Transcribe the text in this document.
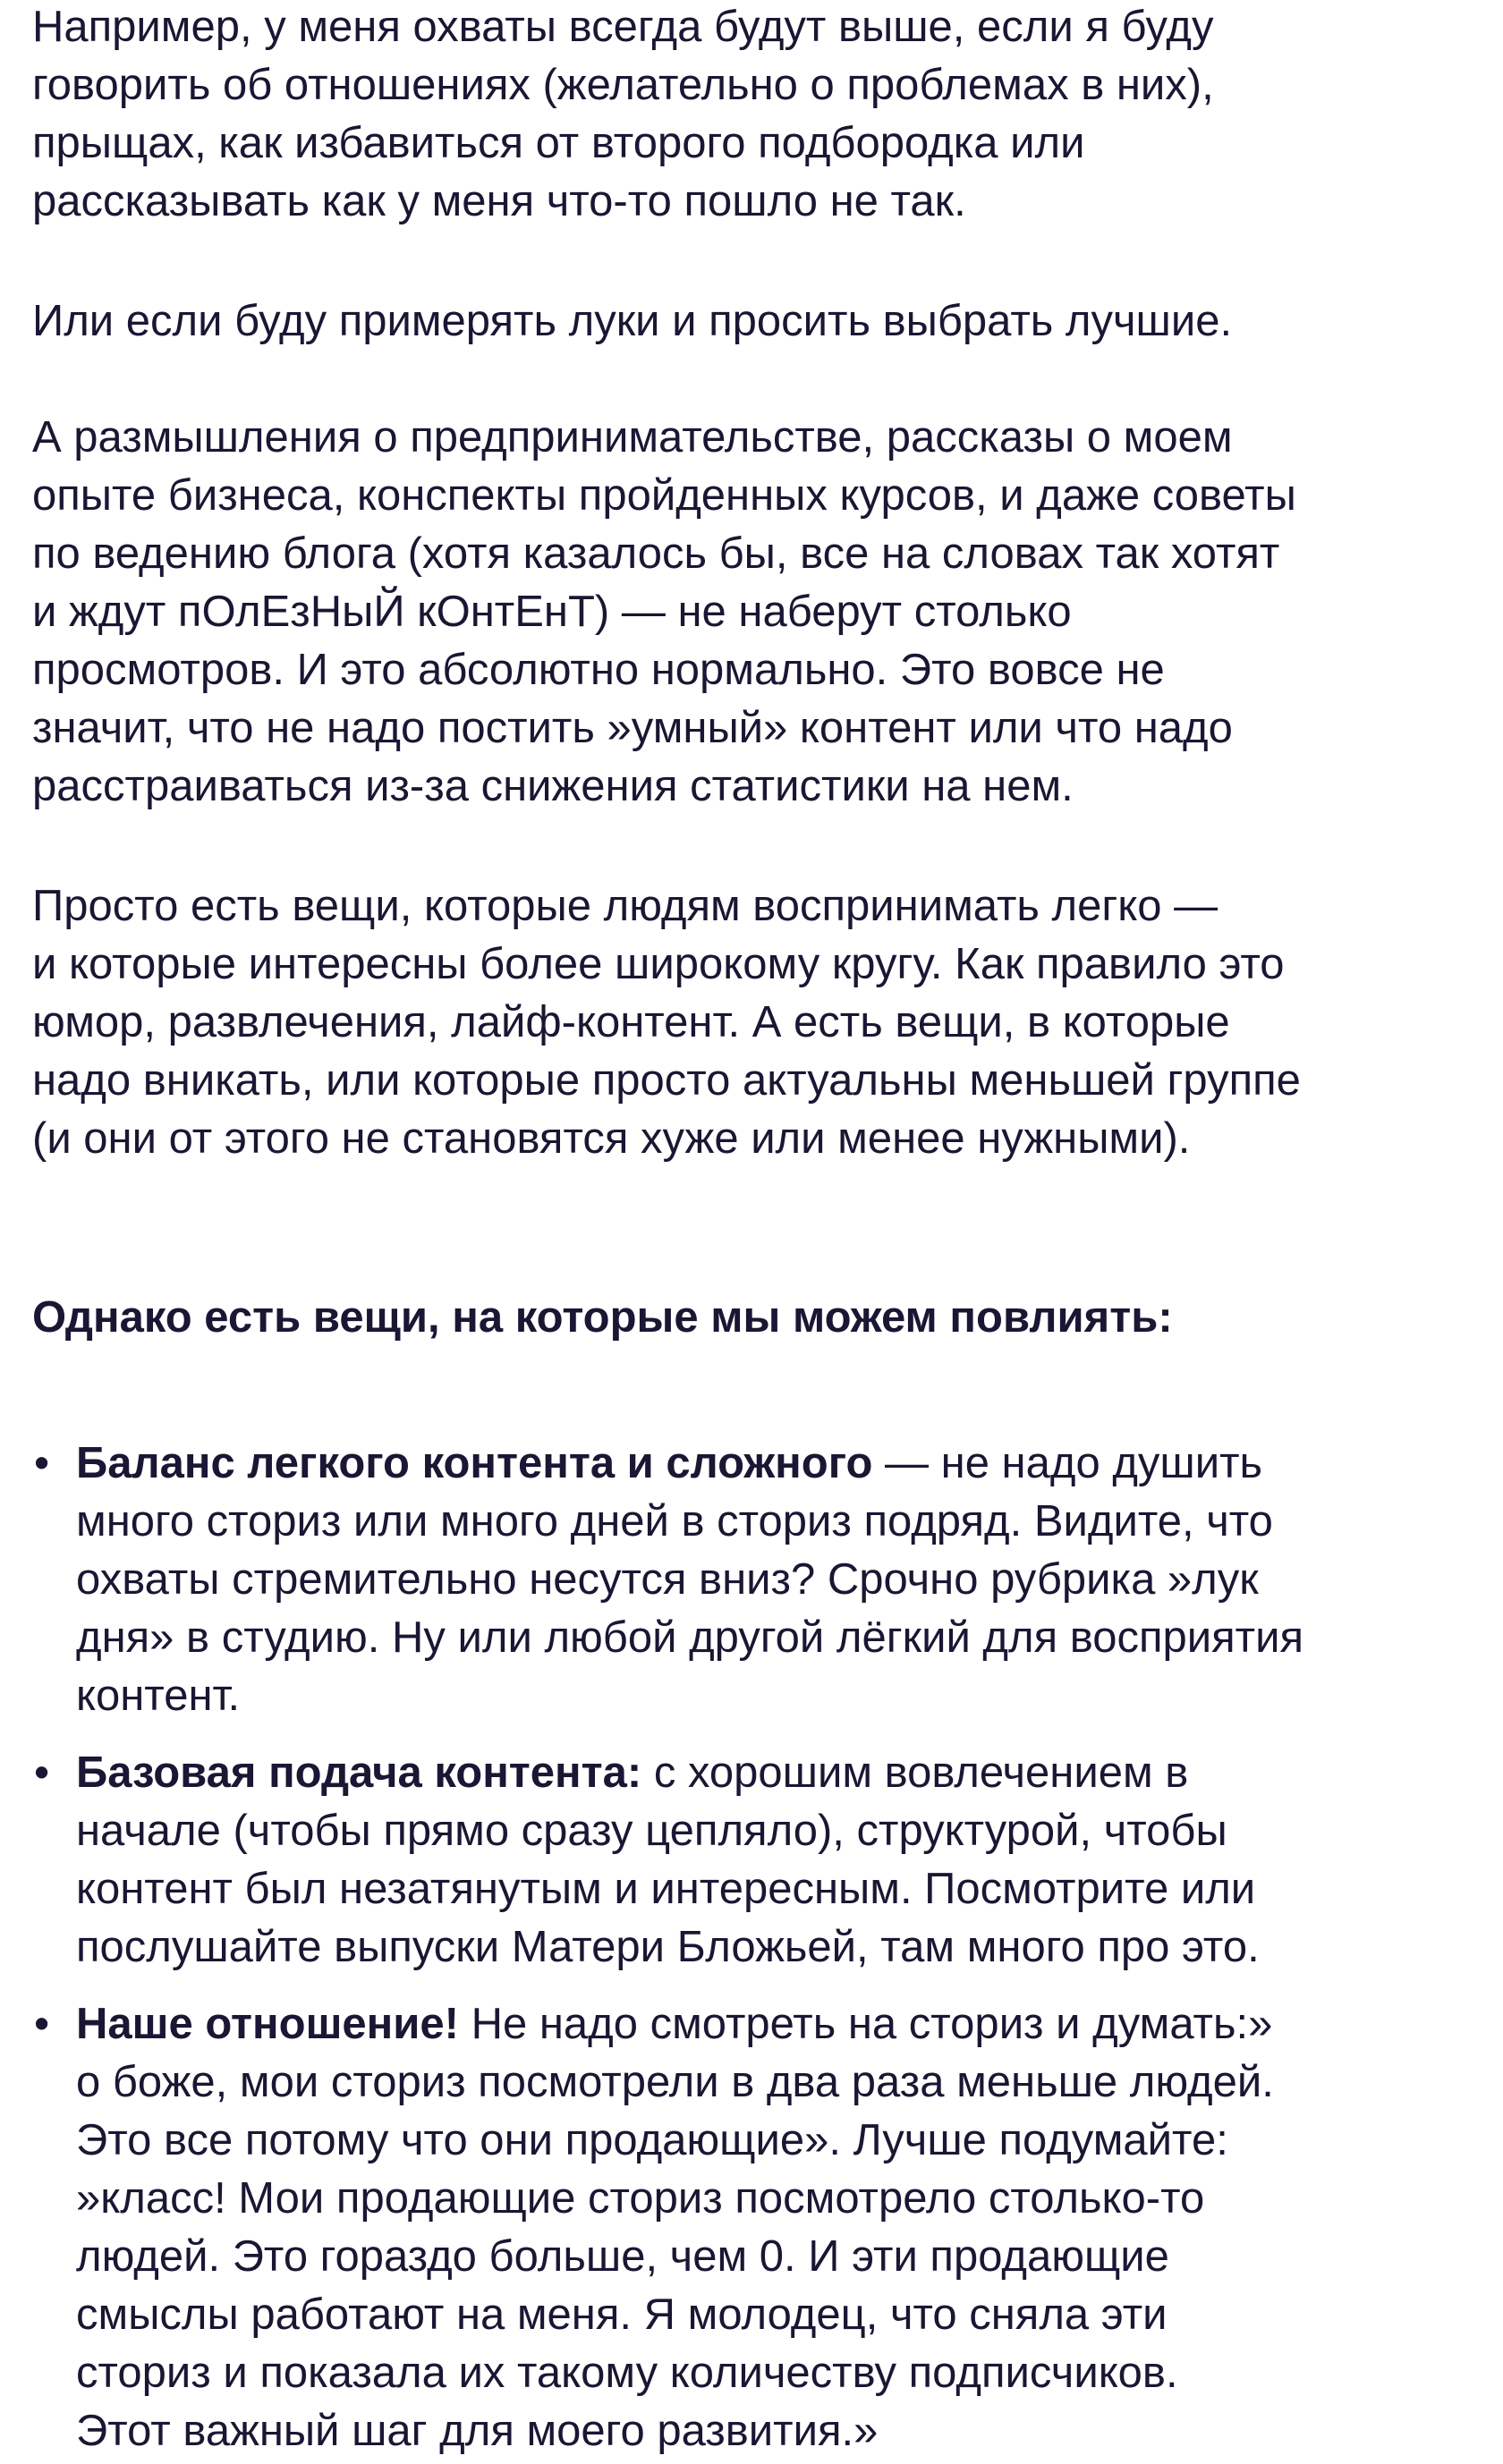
Например, у меня охваты всегда будут выше, если я буду
говорить об отношениях (желательно о проблемах в них),
прыщах, как избавиться от второго подбородка или
рассказывать как у меня что-то пошло не так.
Или если буду примерять луки и просить выбрать лучшие.
А размышления о предпринимательстве, рассказы о моем
опыте бизнеса, конспекты пройденных курсов, и даже советы
по ведению блога (хотя казалось бы, все на словах так хотят
и ждут пОлЕзНыЙ кОнтЕнТ) — не наберут столько
просмотров. И это абсолютно нормально. Это вовсе не
значит, что не надо постить »умный» контент или что надо
расстраиваться из-за снижения статистики на нем.
Просто есть вещи, которые людям воспринимать легко —
и которые интересны более широкому кругу. Как правило это
юмор, развлечения, лайф-контент. А есть вещи, в которые
надо вникать, или которые просто актуальны меньшей группе
(и они от этого не становятся хуже или менее нужными).
Однако есть вещи, на которые мы можем повлиять:
• Баланс легкого контента и сложного — не надо душить
много сториз или много дней в сториз подряд. Видите, что
охваты стремительно несутся вниз? Срочно рубрика »лук
дня» в студию. Ну или любой другой лёгкий для восприятия
контент.
• Базовая подача контента: с хорошим вовлечением в
начале (чтобы прямо сразу цепляло), структурой, чтобы
контент был незатянутым и интересным. Посмотрите или
послушайте выпуски Матери Бложьей, там много про это.
• Наше отношение! Не надо смотреть на сториз и думать:»
о боже, мои сториз посмотрели в два раза меньше людей.
Это все потому что они продающие». Лучше подумайте:
»класс! Мои продающие сториз посмотрело столько-то
людей. Это гораздо больше, чем 0. И эти продающие
смыслы работают на меня. Я молодец, что сняла эти
сториз и показала их такому количеству подписчиков.
Этот важный шаг для моего развития.»
